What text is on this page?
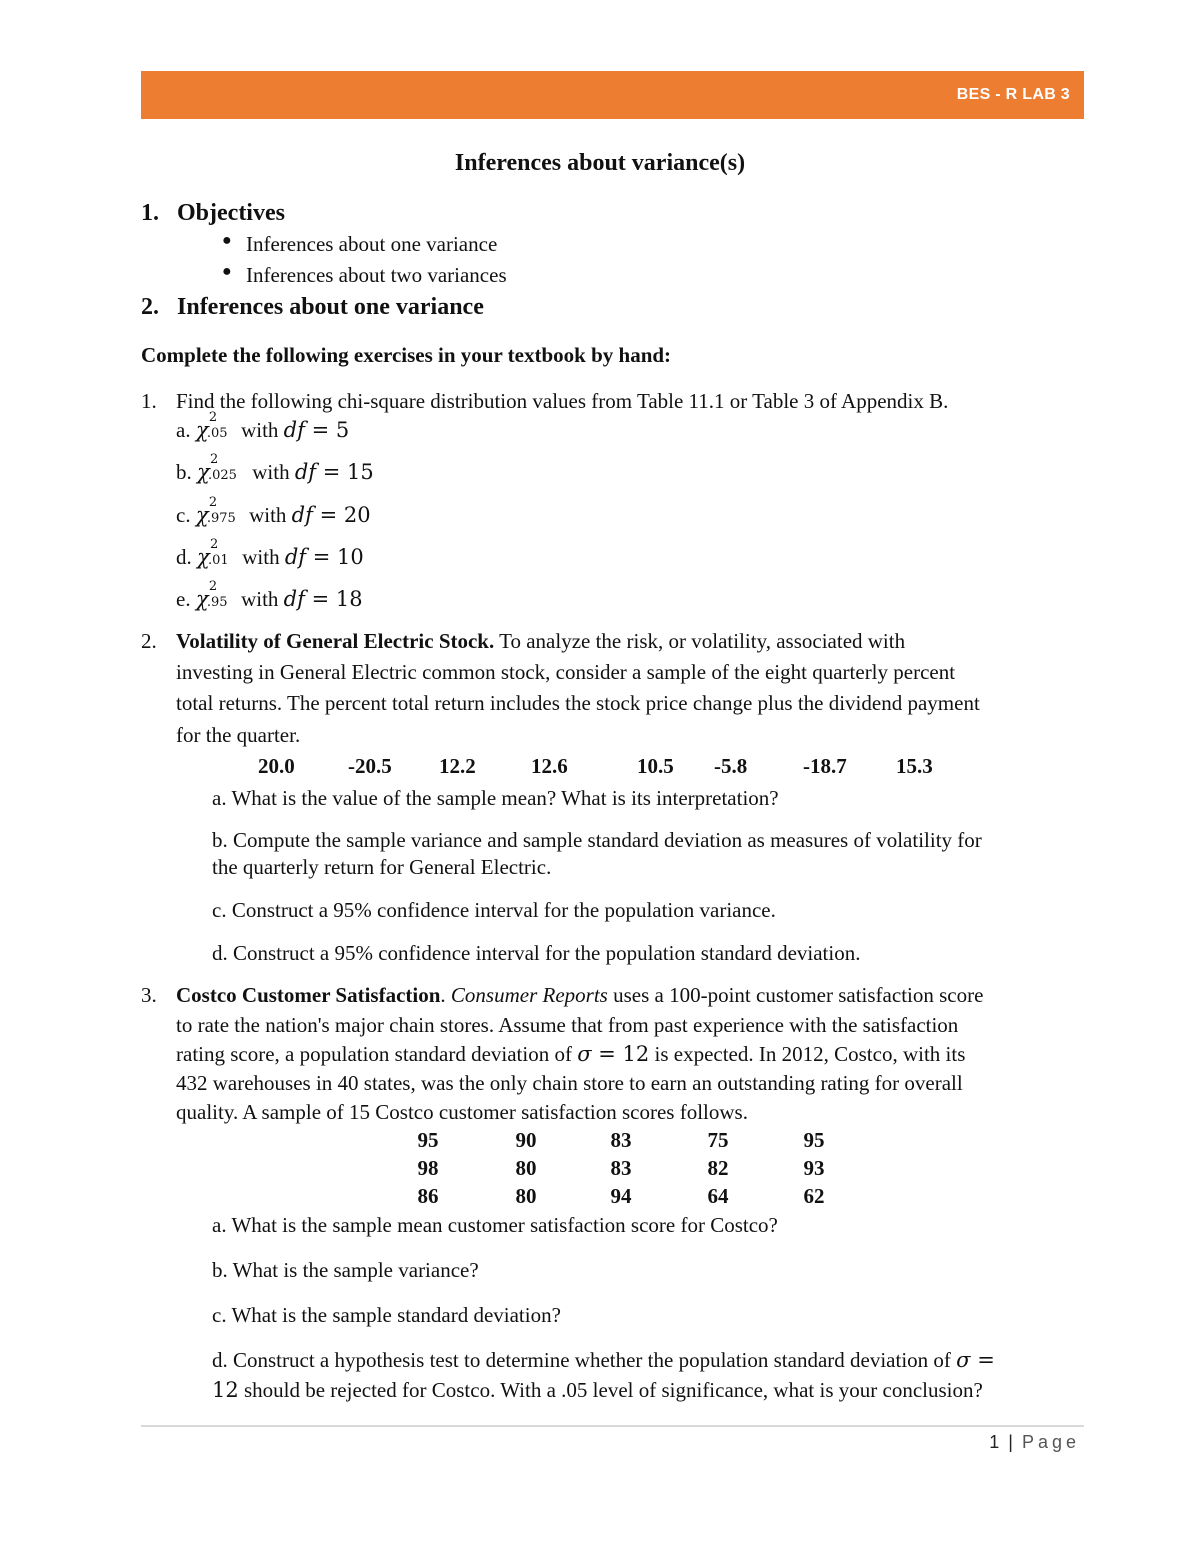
BES - R LAB 3
Inferences about variance(s)
1. Objectives
● Inferences about one variance
● Inferences about two variances
2. Inferences about one variance
Complete the following exercises in your textbook by hand:
1. Find the following chi-square distribution values from Table 11.1 or Table 3 of Appendix B.
a. χ
2
.05 with df = 5
b. χ
2
.025 with df = 15
c. χ
2
.975 with df = 20
d. χ
2
.01 with df = 10
e. χ
2
.95 with df = 18
2. Volatility of General Electric Stock. To analyze the risk, or volatility, associated with
investing in General Electric common stock, consider a sample of the eight quarterly percent
total returns. The percent total return includes the stock price change plus the dividend payment
for the quarter.
20.0	-20.5 12.2	12.6	10.5 -5.8	-18.7 15.3
a. What is the value of the sample mean? What is its interpretation?
b. Compute the sample variance and sample standard deviation as measures of volatility for
the quarterly return for General Electric.
c. Construct a 95% confidence interval for the population variance.
d. Construct a 95% confidence interval for the population standard deviation.
3. Costco Customer Satisfaction. Consumer Reports uses a 100-point customer satisfaction score
to rate the nation's major chain stores. Assume that from past experience with the satisfaction
rating score, a population standard deviation of σ = 12 is expected. In 2012, Costco, with its
432 warehouses in 40 states, was the only chain store to earn an outstanding rating for overall
quality. A sample of 15 Costco customer satisfaction scores follows.
95	90	83	75	95
98	80	83	82	93
86	80	94	64	62
a. What is the sample mean customer satisfaction score for Costco?
b. What is the sample variance?
c. What is the sample standard deviation?
d. Construct a hypothesis test to determine whether the population standard deviation of σ =
12 should be rejected for Costco. With a .05 level of significance, what is your conclusion?
1 | Page
